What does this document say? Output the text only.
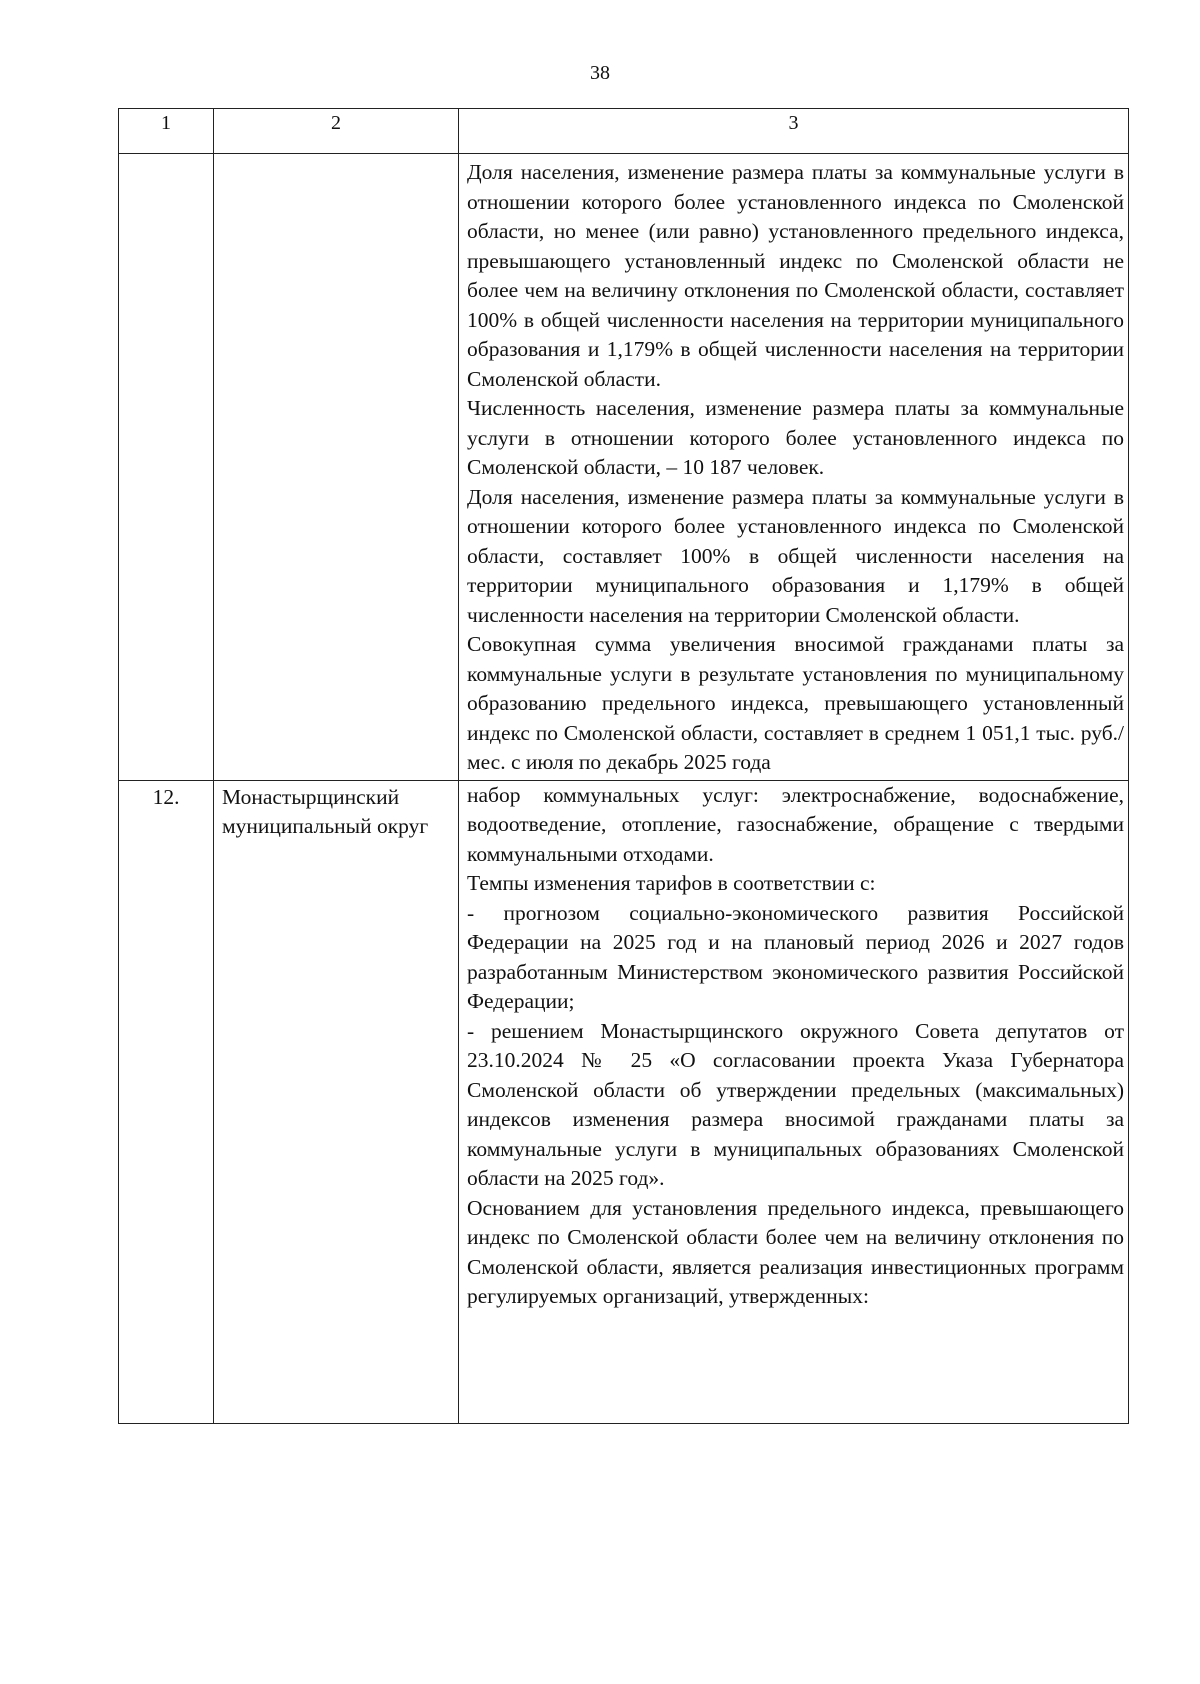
38
1	2	3

		Доля населения, изменение размера платы за коммунальные услуги в отношении которого более установленного индекса по Смоленской области, но менее (или равно) установленного предельного индекса, превышающего установленный индекс по Смоленской области не более чем на величину отклонения по Смоленской области, составляет 100% в общей численности населения на территории муниципального образования и 1,179% в общей численности населения на территории Смоленской области.

Численность населения, изменение размера платы за коммунальные услуги в отношении которого более установленного индекса по Смоленской области, – 10 187 человек.

Доля населения, изменение размера платы за коммунальные услуги в отношении которого более установленного индекса по Смоленской области, составляет 100% в общей численности населения на территории муниципального образования и 1,179% в общей численности населения на территории Смоленской области.

Совокупная сумма увеличения вносимой гражданами платы за коммунальные услуги в результате установления по муниципальному образованию предельного индекса, превышающего установленный индекс по Смоленской области, составляет в среднем 1 051,1 тыс. руб./мес. с июля по декабрь 2025 года

12.	Монастырщинский муниципальный округ	набор коммунальных услуг: электроснабжение, водоснабжение, водоотведение, отопление, газоснабжение, обращение с твердыми коммунальными отходами.

Темпы изменения тарифов в соответствии с:

- прогнозом социально-экономического развития Российской Федерации на 2025 год и на плановый период 2026 и 2027 годов разработанным Министерством экономического развития Российской Федерации;

- решением Монастырщинского окружного Совета депутатов от 23.10.2024 № 25 «О согласовании проекта Указа Губернатора Смоленской области об утверждении предельных (максимальных) индексов изменения размера вносимой гражданами платы за коммунальные услуги в муниципальных образованиях Смоленской области на 2025 год».

Основанием для установления предельного индекса, превышающего индекс по Смоленской области более чем на величину отклонения по Смоленской области, является реализация инвестиционных программ регулируемых организаций, утвержденных:
